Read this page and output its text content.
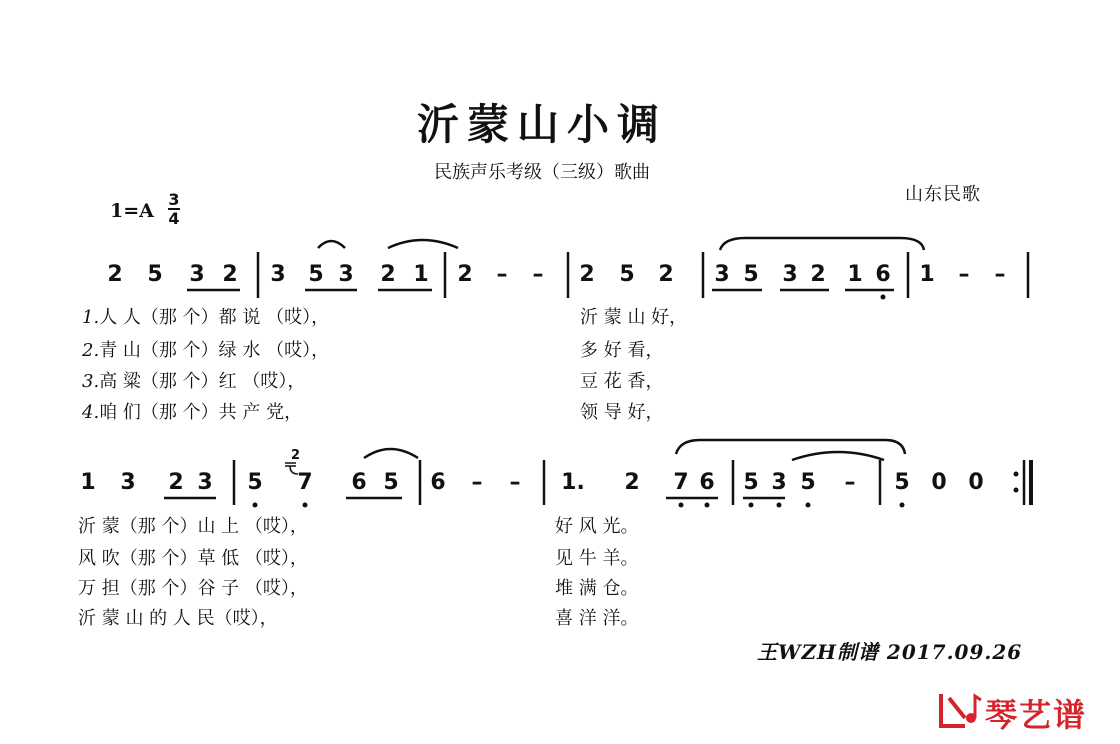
沂蒙山小调
民族声乐考级（三级）歌曲
山东民歌
1=A
3
4
2 5 3 2 3 5 3 2 1 2 – – 2 5 2 3 5 3 2 1 6 1 – –
1.人 人（那 个）都 说 （哎），	沂 蒙 山 好，
2.青 山（那 个）绿 水 （哎），	多 好 看，
3.高 粱（那 个）红 （哎），	豆 花 香，
4.咱 们（那 个）共 产 党，	领 导 好，
2
1 3 2 3 5 7 6 5 6 – – 1. 2 7 6 5 3 5 – 5 0 0
沂 蒙（那 个）山 上 （哎），	好 风 光。
风 吹（那 个）草 低 （哎），	见 牛 羊。
万 担（那 个）谷 子 （哎），	堆 满 仓。
沂 蒙 山 的 人 民（哎），	喜 洋 洋。
王WZH制谱 2017.09.26
琴艺谱
